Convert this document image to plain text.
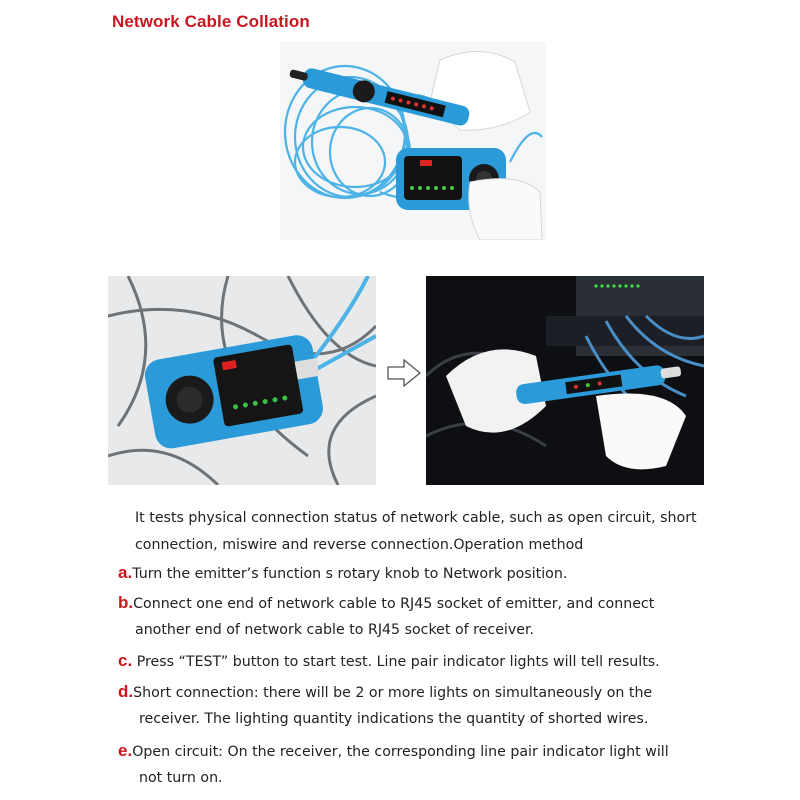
Network Cable Collation
It tests physical connection status of network cable, such as open circuit, short
connection, miswire and reverse connection.Operation method
a.Turn the emitter’s function s rotary knob to Network position.
b.Connect one end of network cable to RJ45 socket of emitter, and connect
another end of network cable to RJ45 socket of receiver.
c. Press “TEST” button to start test. Line pair indicator lights will tell results.
d.Short connection: there will be 2 or more lights on simultaneously on the
receiver. The lighting quantity indications the quantity of shorted wires.
e.Open circuit: On the receiver, the corresponding line pair indicator light will
not turn on.
